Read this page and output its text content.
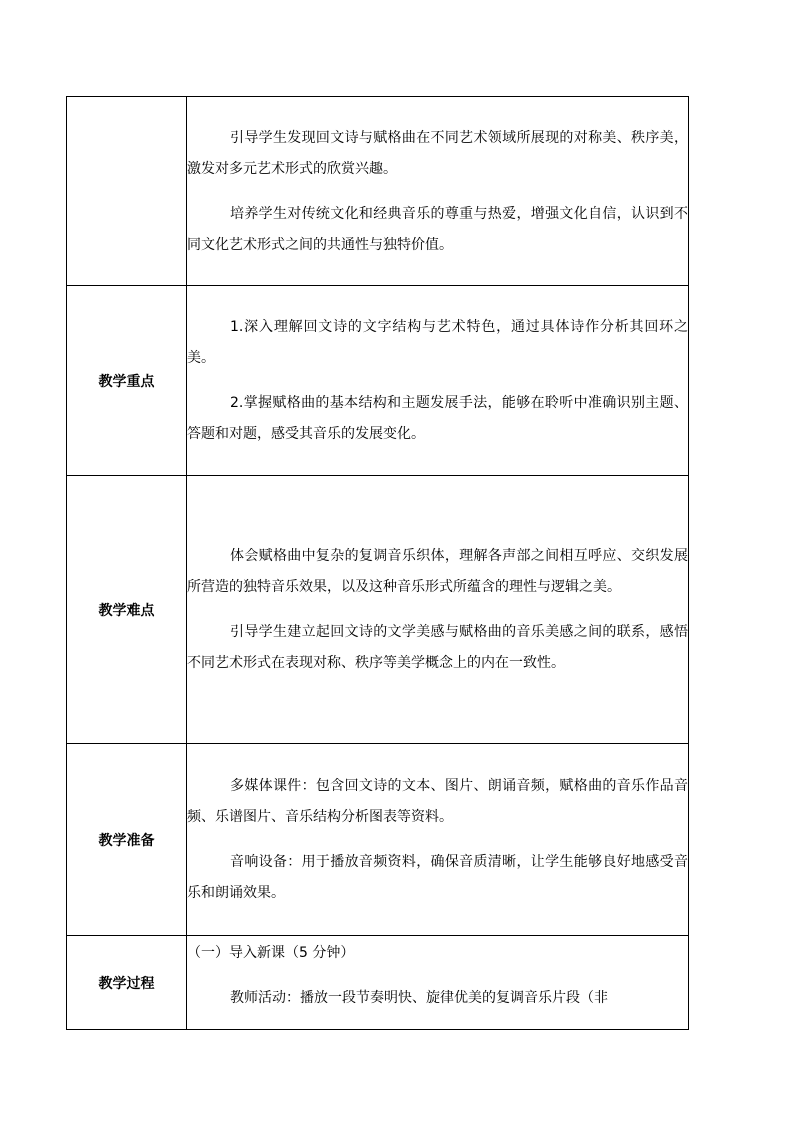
	引导学生发现回文诗与赋格曲在不同艺术领域所展现的对称美、秩序美，激发对多元艺术形式的欣赏兴趣。

培养学生对传统文化和经典音乐的尊重与热爱，增强文化自信，认识到不同文化艺术形式之间的共通性与独特价值。

教学重点	1.深入理解回文诗的文字结构与艺术特色，通过具体诗作分析其回环之美。

2.掌握赋格曲的基本结构和主题发展手法，能够在聆听中准确识别主题、答题和对题，感受其音乐的发展变化。

教学难点	体会赋格曲中复杂的复调音乐织体，理解各声部之间相互呼应、交织发展所营造的独特音乐效果，以及这种音乐形式所蕴含的理性与逻辑之美。

引导学生建立起回文诗的文学美感与赋格曲的音乐美感之间的联系，感悟不同艺术形式在表现对称、秩序等美学概念上的内在一致性。

教学准备	多媒体课件：包含回文诗的文本、图片、朗诵音频，赋格曲的音乐作品音频、乐谱图片、音乐结构分析图表等资料。

音响设备：用于播放音频资料，确保音质清晰，让学生能够良好地感受音乐和朗诵效果。

教学过程	（一）导入新课（5 分钟）

教师活动：播放一段节奏明快、旋律优美的复调音乐片段（非
